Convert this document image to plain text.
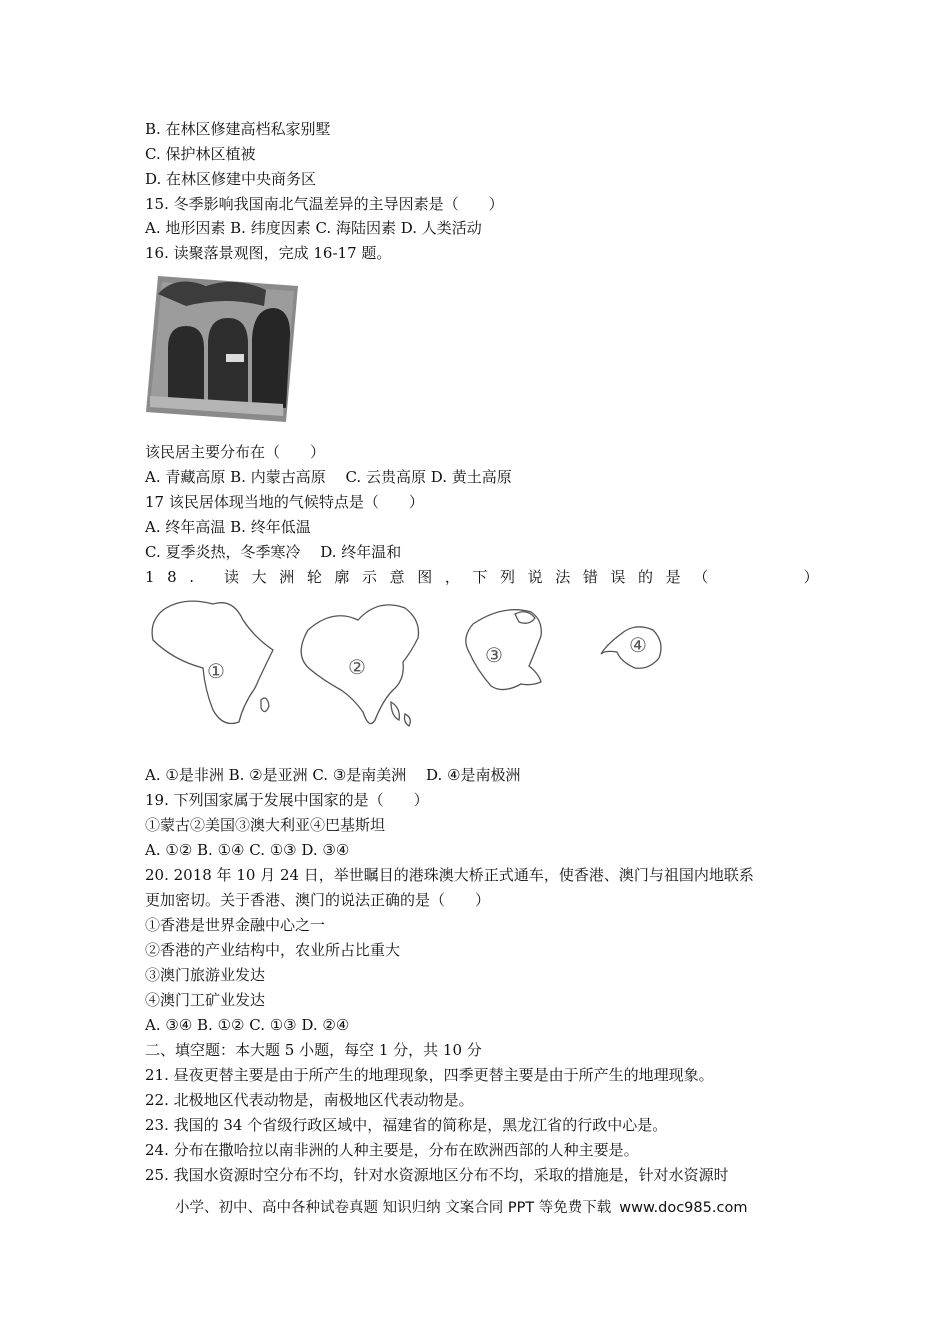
B. 在林区修建高档私家别墅
C. 保护林区植被
D. 在林区修建中央商务区
15. 冬季影响我国南北气温差异的主导因素是（　　）
A. 地形因素 B. 纬度因素 C. 海陆因素 D. 人类活动
16. 读聚落景观图，完成 16-17 题。
该民居主要分布在（　　）
A. 青藏高原 B. 内蒙古高原　 C. 云贵高原 D. 黄土高原
17 该民居体现当地的气候特点是（　　）
A. 终年高温 B. 终年低温
C. 夏季炎热，冬季寒冷　 D. 终年温和
18. 读大洲轮廓示意图，下列说法错误的是（　　　）
①	②	③	④
A. ①是非洲 B. ②是亚洲 C. ③是南美洲　 D. ④是南极洲
19. 下列国家属于发展中国家的是（　　）
①蒙古②美国③澳大利亚④巴基斯坦
A. ①② B. ①④ C. ①③ D. ③④
20. 2018 年 10 月 24 日，举世瞩目的港珠澳大桥正式通车，使香港、澳门与祖国内地联系
更加密切。关于香港、澳门的说法正确的是（　　）
①香港是世界金融中心之一
②香港的产业结构中，农业所占比重大
③澳门旅游业发达
④澳门工矿业发达
A. ③④ B. ①② C. ①③ D. ②④
二、填空题：本大题 5 小题，每空 1 分，共 10 分
21. 昼夜更替主要是由于所产生的地理现象，四季更替主要是由于所产生的地理现象。
22. 北极地区代表动物是，南极地区代表动物是。
23. 我国的 34 个省级行政区域中，福建省的简称是，黑龙江省的行政中心是。
24. 分布在撒哈拉以南非洲的人种主要是，分布在欧洲西部的人种主要是。
25. 我国水资源时空分布不均，针对水资源地区分布不均，采取的措施是，针对水资源时
小学、初中、高中各种试卷真题 知识归纳 文案合同 PPT 等免费下载 www.doc985.com
